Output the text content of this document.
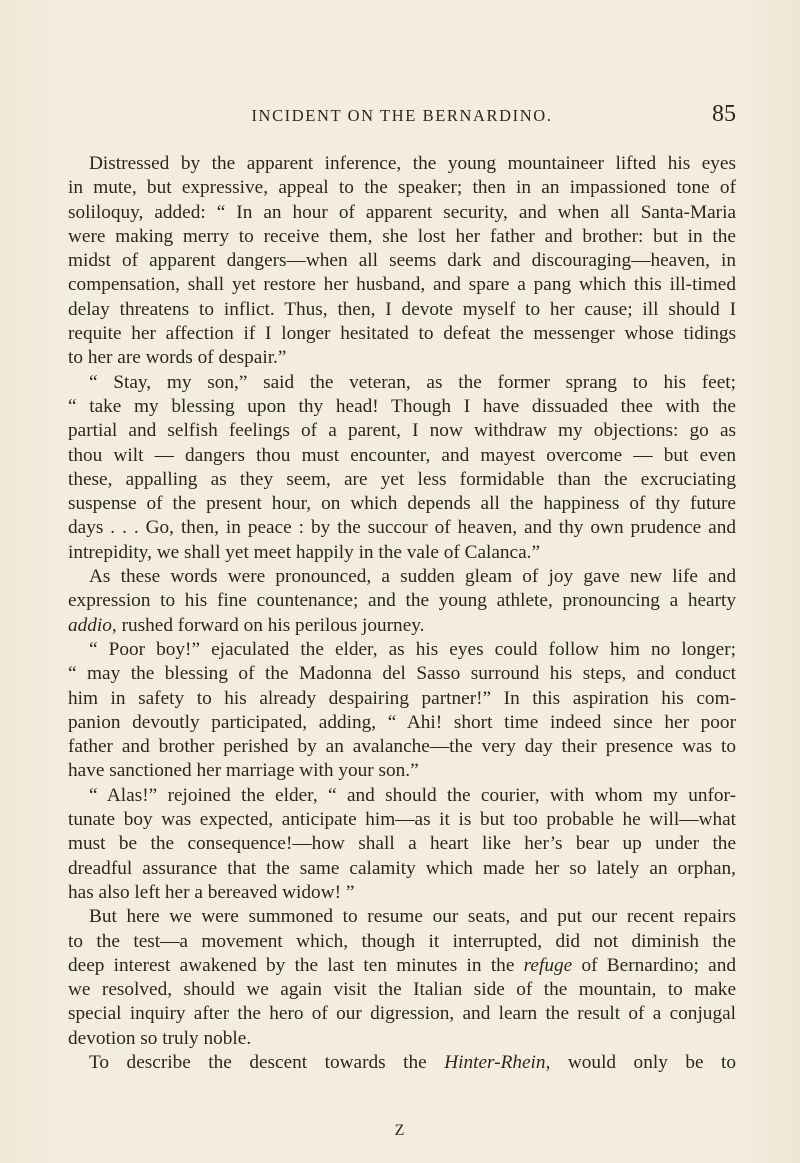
INCIDENT ON THE BERNARDINO.	85
Distressed by the apparent inference, the young mountaineer lifted his eyes
in mute, but expressive, appeal to the speaker; then in an impassioned tone of
soliloquy, added: “ In an hour of apparent security, and when all Santa-Maria
were making merry to receive them, she lost her father and brother: but in the
midst of apparent dangers—when all seems dark and discouraging—heaven, in
compensation, shall yet restore her husband, and spare a pang which this ill-timed
delay threatens to inflict. Thus, then, I devote myself to her cause; ill should I
requite her affection if I longer hesitated to defeat the messenger whose tidings
to her are words of despair.”
“ Stay, my son,” said the veteran, as the former sprang to his feet;
“ take my blessing upon thy head! Though I have dissuaded thee with the
partial and selfish feelings of a parent, I now withdraw my objections: go as
thou wilt — dangers thou must encounter, and mayest overcome — but even
these, appalling as they seem, are yet less formidable than the excruciating
suspense of the present hour, on which depends all the happiness of thy future
days . . . Go, then, in peace : by the succour of heaven, and thy own prudence and
intrepidity, we shall yet meet happily in the vale of Calanca.”
As these words were pronounced, a sudden gleam of joy gave new life and
expression to his fine countenance; and the young athlete, pronouncing a hearty
addio, rushed forward on his perilous journey.
“ Poor boy!” ejaculated the elder, as his eyes could follow him no longer;
“ may the blessing of the Madonna del Sasso surround his steps, and conduct
him in safety to his already despairing partner!” In this aspiration his com-
panion devoutly participated, adding, “ Ahi! short time indeed since her poor
father and brother perished by an avalanche—the very day their presence was to
have sanctioned her marriage with your son.”
“ Alas!” rejoined the elder, “ and should the courier, with whom my unfor-
tunate boy was expected, anticipate him—as it is but too probable he will—what
must be the consequence!—how shall a heart like her’s bear up under the
dreadful assurance that the same calamity which made her so lately an orphan,
has also left her a bereaved widow! ”
But here we were summoned to resume our seats, and put our recent repairs
to the test—a movement which, though it interrupted, did not diminish the
deep interest awakened by the last ten minutes in the refuge of Bernardino; and
we resolved, should we again visit the Italian side of the mountain, to make
special inquiry after the hero of our digression, and learn the result of a conjugal
devotion so truly noble.
To describe the descent towards the Hinter-Rhein, would only be to
Z
